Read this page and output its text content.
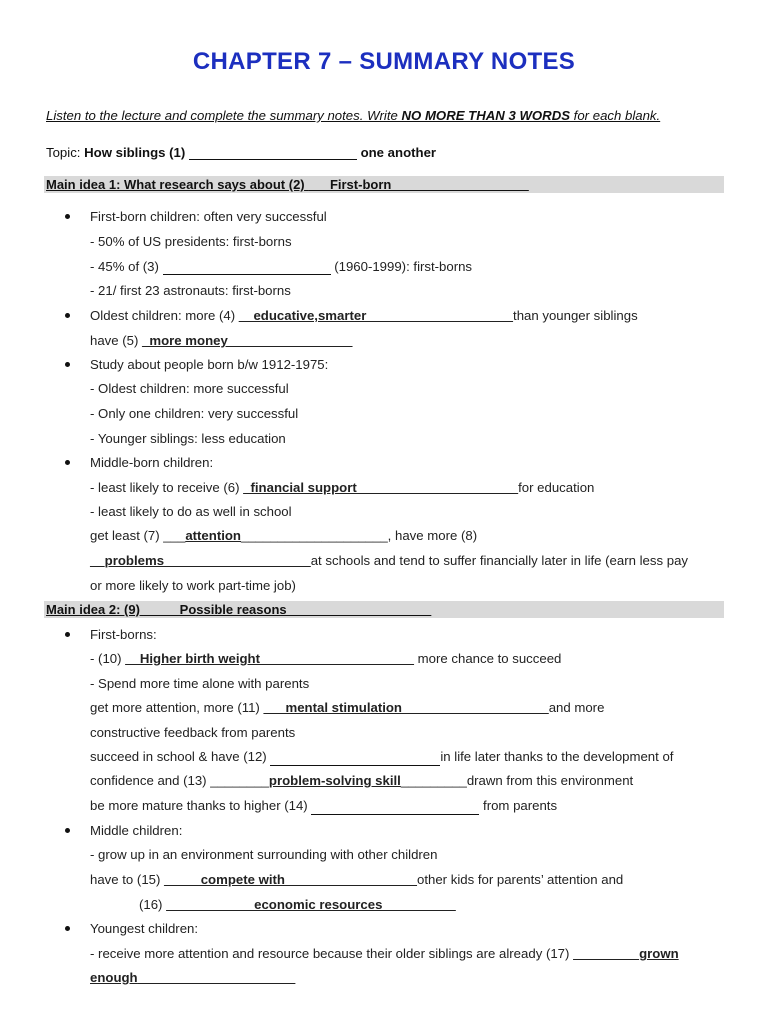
CHAPTER 7 – SUMMARY NOTES
Listen to the lecture and complete the summary notes. Write NO MORE THAN 3 WORDS for each blank.
Topic: How siblings (1)	one another
Main idea 1: What research says about (2) ___First-born___________________
First-born children: often very successful
- 50% of US presidents: first-borns
- 45% of (3)	(1960-1999): first-borns
- 21/ first 23 astronauts: first-borns
Oldest children: more (4) __educative,smarter____________________than younger siblings
have (5) _more money_________________
Study about people born b/w 1912-1975:
- Oldest children: more successful
- Only one children: very successful
- Younger siblings: less education
Middle-born children:
- least likely to receive (6) _financial support______________________for education
- least likely to do as well in school
get least (7) ___attention____________________, have more (8)
__problems____________________at schools and tend to suffer financially later in life (earn less pay
or more likely to work part-time job)
Main idea 2: (9) _____Possible reasons____________________
First-borns:
- (10) __Higher birth weight_____________________ more chance to succeed
- Spend more time alone with parents
get more attention, more (11) ___mental stimulation____________________and more
constructive feedback from parents
succeed in school & have (12)	in life later thanks to the development of
confidence and (13) ________problem-solving skill_________drawn from this environment
be more mature thanks to higher (14)	from parents
Middle children:
- grow up in an environment surrounding with other children
have to (15) _____compete with__________________other kids for parents’ attention and
(16) ____________economic resources__________
Youngest children:
- receive more attention and resource because their older siblings are already (17) _________grown
enough_______ ______________
